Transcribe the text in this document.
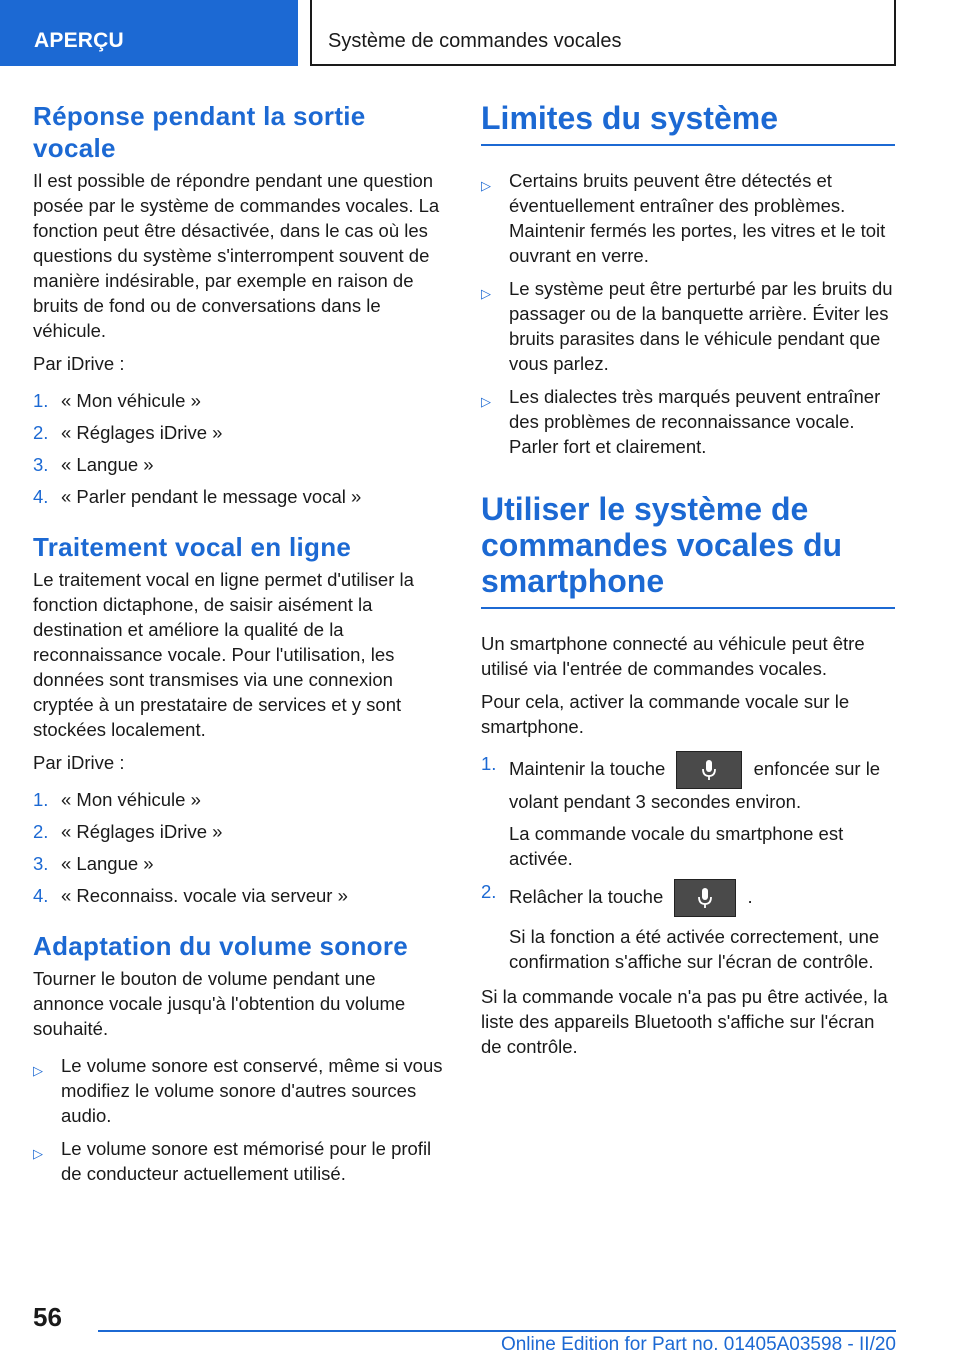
APERÇU	Système de commandes vocales
Réponse pendant la sortie vocale

Il est possible de répondre pendant une question posée par le système de commandes vocales. La fonction peut être désactivée, dans le cas où les questions du système s'interrompent souvent de manière indésirable, par exemple en raison de bruits de fond ou de conversations dans le véhicule.

Par iDrive :

1. « Mon véhicule »
2. « Réglages iDrive »
3. « Langue »
4. « Parler pendant le message vocal »
Traitement vocal en ligne

Le traitement vocal en ligne permet d'utiliser la fonction dictaphone, de saisir aisément la destination et améliore la qualité de la reconnaissance vocale. Pour l'utilisation, les données sont transmises via une connexion cryptée à un prestataire de services et y sont stockées localement.

Par iDrive :

1. « Mon véhicule »
2. « Réglages iDrive »
3. « Langue »
4. « Reconnaiss. vocale via serveur »
Adaptation du volume sonore

Tourner le bouton de volume pendant une annonce vocale jusqu'à l'obtention du volume souhaité.

▷ Le volume sonore est conservé, même si vous modifiez le volume sonore d'autres sources audio.
▷ Le volume sonore est mémorisé pour le profil de conducteur actuellement utilisé.
Limites du système
▷ Certains bruits peuvent être détectés et éventuellement entraîner des problèmes. Maintenir fermés les portes, les vitres et le toit ouvrant en verre.
▷ Le système peut être perturbé par les bruits du passager ou de la banquette arrière. Éviter les bruits parasites dans le véhicule pendant que vous parlez.
▷ Les dialectes très marqués peuvent entraîner des problèmes de reconnaissance vocale. Parler fort et clairement.
Utiliser le système de commandes vocales du smartphone

Un smartphone connecté au véhicule peut être utilisé via l'entrée de commandes vocales.

Pour cela, activer la commande vocale sur le smartphone.

1. Maintenir la touche	enfoncée sur le volant pendant 3 secondes environ.

La commande vocale du smartphone est activée.

2. Relâcher la touche	.

Si la fonction a été activée correctement, une confirmation s'affiche sur l'écran de contrôle.

Si la commande vocale n'a pas pu être activée, la liste des appareils Bluetooth s'affiche sur l'écran de contrôle.

56
Online Edition for Part no. 01405A03598 - II/20
